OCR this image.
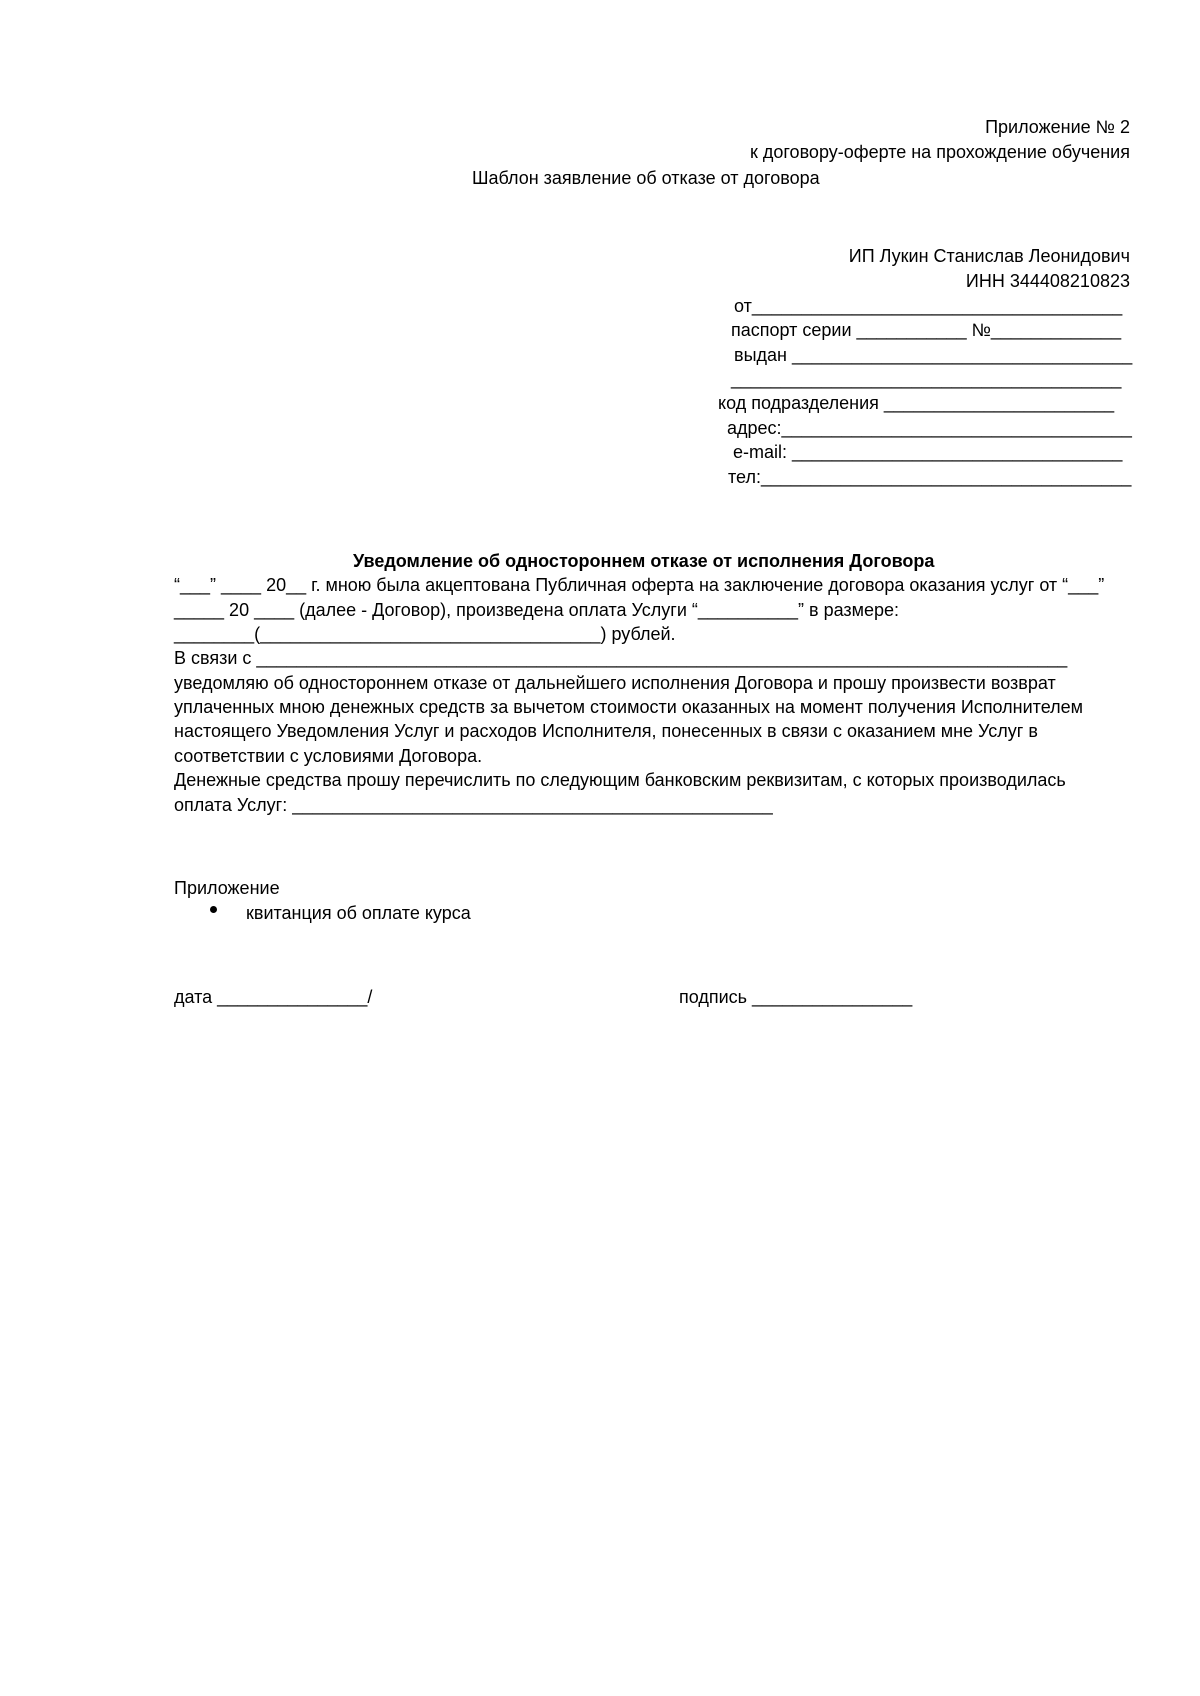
Приложение № 2
к договору-оферте на прохождение обучения
Шаблон заявление об отказе от договора
ИП Лукин Станислав Леонидович
ИНН 344408210823
от_____________________________________
паспорт серии ___________ №_____________
выдан __________________________________
_______________________________________
код подразделения _______________________
адрес:___________________________________
e-mail: _________________________________
тел:_____________________________________
Уведомление об одностороннем отказе от исполнения Договора
“___” ____ 20__ г. мною была акцептована Публичная оферта на заключение договора оказания услуг от “___”
_____ 20 ____ (далее - Договор), произведена оплата Услуги “__________” в размере:
________(__________________________________) рублей.
В связи с _________________________________________________________________________________
уведомляю об одностороннем отказе от дальнейшего исполнения Договора и прошу произвести возврат
уплаченных мною денежных средств за вычетом стоимости оказанных на момент получения Исполнителем
настоящего Уведомления Услуг и расходов Исполнителя, понесенных в связи с оказанием мне Услуг в
соответствии с условиями Договора.
Денежные средства прошу перечислить по следующим банковским реквизитам, с которых производилась
оплата Услуг: ________________________________________________
Приложение
квитанция об оплате курса
дата _______________/	подпись ________________
